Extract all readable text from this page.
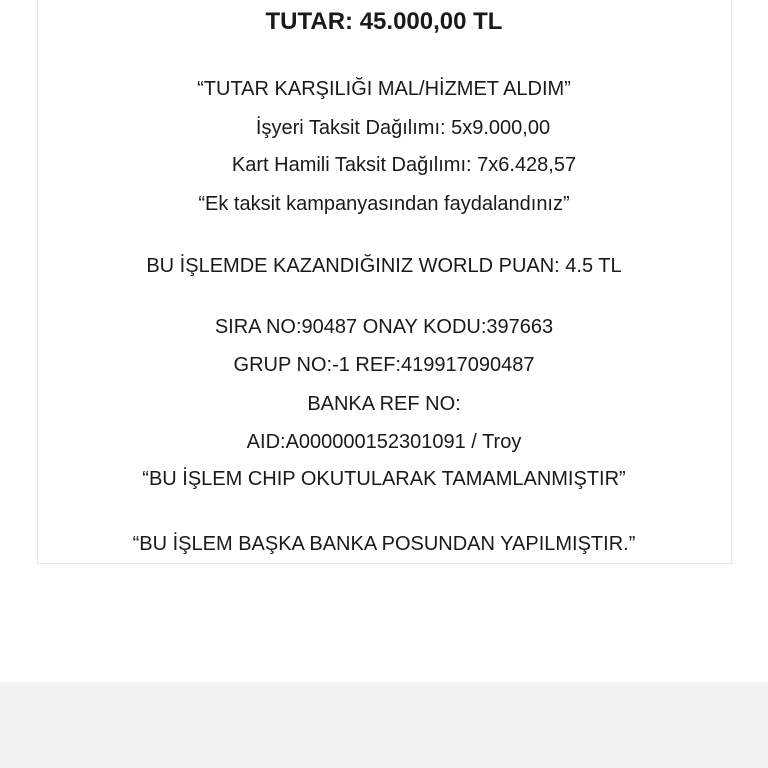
TUTAR: 45.000,00 TL
“TUTAR KARŞILIĞI MAL/HİZMET ALDIM”
İşyeri Taksit Dağılımı: 5x9.000,00
Kart Hamili Taksit Dağılımı: 7x6.428,57
“Ek taksit kampanyasından faydalandınız”
BU İŞLEMDE KAZANDIĞINIZ WORLD PUAN: 4.5 TL
SIRA NO:90487 ONAY KODU:397663
GRUP NO:-1 REF:419917090487
BANKA REF NO:
AID:A000000152301091 / Troy
“BU İŞLEM CHIP OKUTULARAK TAMAMLANMIŞTIR”
“BU İŞLEM BAŞKA BANKA POSUNDAN YAPILMIŞTIR.”
